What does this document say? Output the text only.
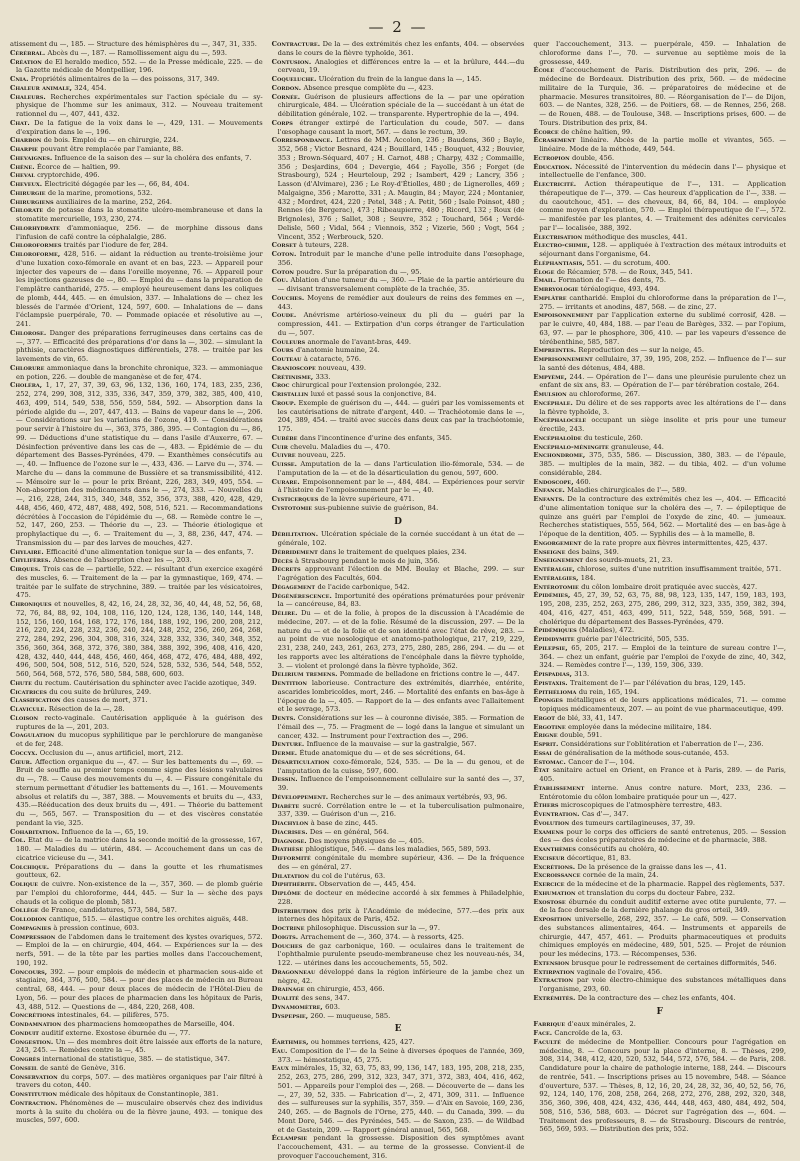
— 2 —

atissement du —, 185. — Structure des hémisphères du —, 347, 31, 335.

Cérébral. Abcès du —, 187. — Ramollissement aigu du —, 593.

Création de El heraldo medico, 552. — de la Presse médicale, 225. — de la Gazette médicale de Montpellier, 196.

Cnia. Propriétés alimentaires de la — des poissons, 317, 349.

Chaleur animale, 324, 454.

Chaleurs. Recherches expérimentales sur l'action spéciale du — sy-physique de l'homme sur les animaux, 312. — Nouveau traitement rationnel du —, 407, 441, 432.

Chat. De la fatigue de la voix dans le —, 429, 131. — Mouvements d'expiration dans le —, 196.

Charbon de bois. Emploi du — en chirurgie, 224.

Charpie pouvant être remplacée par l'amiante, 88.

Chevaignes. Influence de la saison des — sur la choléra des enfants, 7.

Chêne. Écorce de — haïtien, 99.

Cheval cryptorchide, 496.

Cheveux. Électricité dégagée par les —, 66, 84, 404.

Chirurgie de la marine, promotions, 532.

Chirurgiens auxiliaires de la marine, 252, 264.

Chlorate de potasse dans la stomatite ulcéro-membraneuse et dans la stomatite mercurielle, 193, 230, 274.

Chlorhydrate d'ammoniaque, 256. — de morphine dissous dans l'infusion de café contre la céphalalgie, 286.

Chloroformes traités par l'iodure de fer, 284.

Chloroforme, 428, 516. — aidant la réduction au trente-troisième jour d'une luxation coxo-fémorale en avant et en bas, 223. — Appareil pour injecter des vapeurs de — dans l'oreille moyenne, 76. — Appareil pour les injections gazeuses de —, 80. — Emploi du — dans la préparation de l'emplâtre cantharidé, 275. — employé heureusement dans les coliques de plomb, 444, 445. — en émulsion, 337. — Inhalations de — chez les blessés de l'armée d'Orient, 124, 597, 600. — Inhalations de — dans l'éclampsie puerpérale, 70. — Pommade opiacée et résolutive au —, 241.

Chlorose. Danger des préparations ferrugineuses dans certains cas de —, 377. — Efficacité des préparations d'or dans la —, 302. — simulant la phthisie, caractères diagnostiques différentiels, 278. — traitée par les lavements de vin, 65.

Chlorure ammoniaque dans la bronchite chronique, 323. — ammoniaque en potion, 226. — double de manganèse et de fer, 474.

Choléra, 1, 17, 27, 37, 39, 63, 96, 132, 136, 160, 174, 183, 235, 236, 252, 274, 299, 308, 312, 335, 336, 347, 359, 379, 382, 385, 400, 410, 463, 499, 514, 549, 538, 556, 559, 584, 592. — Absorption dans la période algide du —, 207, 447, 413. — Bains de vapeur dans le —, 206. — Considérations sur les variations de l'ozone, 419. — Considérations pour servir à l'histoire du —, 363, 375, 386, 395. — Contagion du —, 86, 99. — Déductions d'une statistique du — dans l'asile d'Auxerre, 67. — Désinfection préventive dans les cas de —, 483. — Épidémie de — du département des Basses-Pyrénées, 479. — Exanthèmes consécutifs au —, 40. — Influence de l'ozone sur le —, 433, 436. — Larve du —, 374. — Marche du — dans la commune de Bussière et sa transmissibilité, 412. — Mémoire sur le — pour le prix Bréant, 226, 283, 349, 495, 554. — Non-absorption des médicaments dans le —, 274, 333. — Nouvelles du —, 216, 228, 244, 315, 340, 348, 352, 356, 373, 388, 420, 428, 429, 448, 456, 460, 472, 487, 488, 492, 508, 516, 521. — Recommandations décrétées à l'occasion de l'épidémie du —, 68. — Remède contre le —, 52, 147, 260, 253. — Théorie du —, 23. — Théorie étiologique et prophylactique du —, 6. — Traitement du —, 3, 88, 236, 447, 474. — Transmission du — par des larves de mouches, 427.

Chylaire. Efficacité d'une alimentation tonique sur la — des enfants, 7.

Chylifères. Absence de l'absorption chez les —, 203.

Cirques. Trois cas de — partielle, 522. — résultant d'un exercice exagéré des muscles, 6. — Traitement de la — par la gymnastique, 169, 474. — traitée par le sulfate de strychnine, 389. — traitée par les vésicatoires, 475.

Chroniques et nouvelles, 8, 42, 16, 24, 28, 32, 36, 40, 44, 48, 52, 56, 68, 72, 76, 84, 88, 92, 104, 108, 116, 120, 124, 128, 136, 140, 144, 148, 152, 156, 160, 164, 168, 172, 176, 184, 188, 192, 196, 200, 208, 212, 216, 220, 224, 228, 232, 236, 240, 244, 248, 252, 256, 260, 264, 268, 272, 284, 292, 296, 304, 308, 316, 324, 328, 332, 336, 340, 348, 352, 356, 360, 364, 368, 372, 376, 380, 384, 388, 392, 396, 408, 416, 420, 428, 432, 440, 444, 448, 456, 460, 464, 468, 472, 476, 484, 488, 492, 496, 500, 504, 508, 512, 516, 520, 524, 528, 532, 536, 544, 548, 552, 560, 564, 568, 572, 576, 580, 584, 588, 600, 603.

Chute du rectum. Cautérisation du sphincter avec l'acide azotique, 349.

Cicatrices du cou suite de brûlures, 249.

Classification des causes de mort, 371.

Clavicule. Résection de la —, 28.

Cloison recto-vaginale. Cautérisation appliquée à la guérison des ruptures de la —, 201, 203.

Coagulation du mucopus syphilitique par le perchlorure de manganèse et de fer, 248.

Coccyx. Occlusion du —, anus artificiel, mort, 212.

Cœur. Affection organique du —, 47. — Sur les battements du —, 69. — Bruit de souffle au premier temps comme signe des lésions valvulaires du —, 78. — Cause des mouvements du —, 4. — Fissure congénitale du sternum permettant d'étudier les battements du —, 161. — Mouvements absolus et relatifs du —, 387, 388. — Mouvements et bruits du —, 433, 435.—Rééducation des deux bruits du —, 491. — Théorie du battement du —, 565, 567. — Transposition du — et des viscères constatée pendant la vie, 325.

Cohabitation. Influence de la —, 65, 19.

Col. Etat du — de la matrice dans la seconde moitié de la grossesse, 167, 180. — Maladies du — utérin, 484. — Accouchement dans un cas de cicatrice vicieuse du —, 341.

Colchique. Préparations du — dans la goutte et les rhumatismes goutteux, 62.

Colique de cuivre. Non-existence de la —, 357, 360. — de plomb guérie par l'emploi du chloroforme, 444, 445. — Sur la — sèche des pays chauds et la colique de plomb, 581.

Collège de France, candidatures, 573, 584, 587.

Collodion cantique, 515. — élastique contre les orchites aiguës, 448.

Compagnies à pression continue, 603.

Compression de l'abdomen dans le traitement des kystes ovariques, 572. — Emploi de la — en chirurgie, 404, 464. — Expériences sur la — des nerfs, 591. — de la tête par les parties molles dans l'accouchement, 190, 192.

Concours, 392. — pour emplois de médecin et pharmacien sous-aide et stagiaire, 364, 376, 500, 584. — pour des places de médecin au Bureau central, 68, 444. — pour deux places de médecin de l'Hôtel-Dieu de Lyon, 56. — pour des places de pharmacien dans les hôpitaux de Paris, 43, 488, 512. — Questions de —, 484, 220, 268, 408.

Concrétions intestinales, 64. — pilifères, 575.

Condamnation des pharmaciens homœopathes de Marseille, 404.

Conduit auditif externe. Exostose éburnée du —, 77.

Congestion. Un — des membres doit être laissée aux efforts de la nature, 243, 245. — Remèdes contre la —, 45.

Congrès international de statistique, 385. — de statistique, 347.

Conseil de santé de Genève, 316.

Conservation du corps, 507. — des matières organiques par l'air filtré à travers du coton, 440.

Constitution médicale des hôpitaux de Constantinople, 381.

Contraction. Phénomènes de — musculaire observés chez des individus morts à la suite du choléra ou de la fièvre jaune, 493. — tonique des muscles, 597, 600.

Contracture. De la — des extrémités chez les enfants, 404. — observées dans le cours de la fièvre typhoïde, 361.

Contusion. Analogies et différences entre la — et la brûlure, 444.—du cerveau, 19.

Coqueluche. Ulcération du frein de la langue dans la —, 145.

Cordon. Absence presque complète du —, 423.

Cornée. Guérison de plusieurs affections de la — par une opération chirurgicale, 484. — Ulcération spéciale de la — succédant à un état de débilitation générale, 102. — transparente. Hypertrophie de la —, 494.

Corps étranger extirpé de l'articulation du coude, 507. — dans l'œsophage causant la mort, 567. — dans le rectum, 39.

Correspondance. Lettres de MM. Accolon, 236 ; Baudens, 360 ; Bayle, 352, 568 ; Victor Besnard, 424 ; Bouillard, 145 ; Bouquet, 432 ; Bouvier, 353 ; Brown-Séquard, 407 ; H. Carnot, 488 ; Charpy, 432 ; Commaille, 356 ; Desjardins, 604 ; Devergie, 464 ; Fayolle, 356 ; Forget (de Strasbourg), 524 ; Heurteloup, 292 ; Isambert, 429 ; Lancry, 356 ; Lasson (d'Alvimare), 236 ; Le Roy-d'Étiolles, 480 ; de Lignerolles, 469 ; Malgaigne, 356 ; Marotte, 331 ; A. Maugin, 84 ; Mayor, 224 ; Montanier, 432 ; Mordret, 424, 220 ; Petel, 348 ; A. Petit, 560 ; Isale Poinsot, 480 ; Rennes (de Bergerac), 473 ; Ribeaupierre, 480 ; Ricord, 132 ; Roux (de Brignoles), 376 ; Sallet, 308 ; Seuvre, 352 ; Touchard, 564 ; Verdé-Delisle, 560 ; Vidal, 564 ; Viennois, 352 ; Vizerie, 560 ; Vogt, 564 ; Vincent, 352 ; Werbrouck, 520.

Corset à tuteurs, 228.

Coton. Introduit par le manche d'une pelle introduite dans l'œsophage, 356.

Coton poudre. Sur la préparation du —, 95.

Cou. Ablation d'une tumeur du —, 360. — Plaie de la partie antérieure du — divisant transversalement complète de la trachée, 35.

Couches. Moyens de remédier aux douleurs de reins des femmes en —, 443.

Coude. Anévrisme artérioso-veineux du pli du — guéri par la compression, 441. — Extirpation d'un corps étranger de l'articulation du —, 507.

Couleurs anormale de l'avant-bras, 449.

Cours d'anatomie humaine, 24.

Couteau à cataracte, 576.

Cranioscope nouveau, 439.

Crétinisme, 333.

Croc chirurgical pour l'extension prolongée, 232.

Cristallin luxé et passé sous la conjonctive, 84.

Croup. Exemple de guérison du —, 444. — guéri par les vomissements et les cautérisations de nitrate d'argent, 440. — Trachéotomie dans le —, 204, 389, 454. — traité avec succès dans deux cas par la trachéotomie, 175.

Cubèbe dans l'incontinence d'urine des enfants, 345.

Cuir chevelu. Maladies du —, 470.

Cuivre nouveau, 225.

Cuisse. Amputation de la — dans l'articulation ilio-fémorale, 534. — de l'amputation de la — et de la désarticulation du genou, 597, 600.

Curare. Empoisonnement par le —, 484, 484. — Expériences pour servir à l'histoire de l'empoisonnement par le —, 40.

Cysticerques de la lèvre supérieure, 471.

Cystotomie sus-pubienne suivie de guérison, 84.

D

Débilitation. Ulcération spéciale de la cornée succédant à un état de — générale, 102.

Débridement dans le traitement de quelques plaies, 234.

Décès à Strasbourg pendant le mois de juin, 356.

Décrets approuvant l'élection de MM. Boulay et Blache, 299. — sur l'agrégation des Facultés, 604.

Dégagement de l'acide carbonique, 542.

Dégénérescence. Importunité des opérations prématurées pour prévenir la — cancéreuse, 84, 83.

Délire. Du — et de la folie, à propos de la discussion à l'Académie de médecine, 207. — et de la folie. Résumé de la discussion, 297. — De la nature du — et de la folie et de son identité avec l'état de rêve, 283. — au point de vue nosologique et anatomo-pathologique, 217, 219, 229, 231, 238, 240, 243, 261, 263, 273, 275, 280, 285, 286, 294. — du — et les rapports avec les altérations de l'encéphale dans la fièvre typhoïde, 3. — violent et prolongé dans la fièvre typhoïde, 362.

Delirium tremens. Pommade de belladone en frictions contre le —, 447.

Dentition laborieuse. Contracture des extrémités, diarrhée, entérite, ascarides lombricoïdes, mort, 246. — Mortalité des enfants en bas-âge à l'époque de la —, 405. — Rapport de la — des enfants avec l'allaitement et le sevrage, 573.

Dents. Considérations sur les — à couronne divisée, 385. — Formation de l'émail des —, 75. — Fragment de — logé dans la langue et simulant un cancer, 432. — Instrument pour l'extraction des —, 296.

Denture. Influence de la mauvaise — sur la gastralgie, 567.

Derme. Étude anatomique du — et de ses sécrétions, 64.

Désarticulation coxo-fémorale, 524, 535. — De la — du genou, et de l'amputation de la cuisse, 597, 600.

Dessin. Influence de l'empoisonnement cellulaire sur la santé des —, 37, 39.

Développement. Recherches sur le — des animaux vertébrés, 93, 96.

Diabète sucré. Corrélation entre le — et la tuberculisation pulmonaire, 337, 339. — Guérison d'un —, 216.

Diachylon à base de zinc, 445.

Diacrises. Des — en général, 564.

Diagnose. Des moyens physiques de —, 405.

Diathèse phlogistique, 546. — dans les maladies, 565, 589, 593.

Difformité congénitale du membre supérieur, 436. — De la fréquence des — en général, 27.

Dilatation du col de l'utérus, 63.

Diphthérite. Observation de —, 445, 454.

Diplôme de docteur en médecine accordé à six femmes à Philadelphie, 228.

Distribution des prix à l'Académie de médecine, 577.—des prix aux internes des hôpitaux de Paris, 452.

Doctrine philosophique. Discussion sur la —, 97.

Doigts. Arrachement de —, 360, 374. — à ressorts, 425.

Douches de gaz carbonique, 160. — oculaires dans le traitement de l'ophthalmie purulente pseudo-membraneuse chez les nouveau-nés, 34, 122. — utérines dans les accouchements, 55, 502.

Dragonneau développé dans la région inférieure de la jambe chez un nègre, 42.

Drainage en chirurgie, 453, 466.

Dualité des sens, 347.

Dynamomètre, 603.

Dyspepsie, 260. — muqueuse, 585.

E

Éarthmes, ou hommes terriens, 425, 427.

Eau. Composition de l'— de la Seine à diverses époques de l'année, 369, 373. — hémostatique, 45, 275.

Eaux minérales, 15, 32, 63, 75, 83, 99, 136, 147, 183, 195, 208, 218, 235, 252, 263, 275, 286, 299, 312, 323, 347, 371, 372, 383, 404, 416, 462, 501. — Appareils pour l'emploi des —, 268. — Découverte de — dans les —, 27, 39, 52, 335. — Fabrication d'—, 2, 471, 309, 311. — Influence des — sulfureuses sur la syphilis, 357, 359. — d'Aix en Savoie, 169, 236, 240, 265. — de Bagnols de l'Orne, 275, 440. — du Canada, 399. — du Mont Dore, 546. — des Pyrénées, 545. — de Saxon, 235. — de Wildbad et de Gastein, 209. — Rapport général annuel, 565, 568.

Éclampsie pendant la grossesse. Disposition des symptômes avant l'accouchement, 431. — au terme de la grossesse. Convient-il de provoquer l'accouchement, 316.

quer l'accouchement, 313. — puerpérale, 459. — Inhalation de chloroforme dans l'—, 70. — survenue au septième mois de la grossesse, 449.

École d'accouchement de Paris. Distribution des prix, 296. — de médecine de Bordeaux. Distribution des prix, 560. — de médecine militaire de la Turquie, 36. — préparatoires de médecine et de pharmacie. Mesures transitoires, 80. — Réorganisation de l'— de Dijon, 603. — de Nantes, 328, 256. — de Poitiers, 68. — de Rennes, 256, 268. — de Rouen, 488. — de Toulouse, 348. — Inscriptions prises, 600. — de Tours. Distribution des prix, 84.

Écorce de chêne haïtien, 99.

Écrasement linéaire. Abcès de la partie molle et vivantes, 565. — linéaire. Mode de la méthode, 449, 544.

Ectropion double, 456.

Éducation. Nécessité de l'intervention du médecin dans l'— physique et intellectuelle de l'enfance, 300.

Électricité. Action thérapeutique de l'—, 131. — Application thérapeutique de l'—, 379. — Cas heureux d'application de l'—, 338. — du caoutchouc, 451. — des cheveux, 84, 66, 84, 104. — employée comme moyen d'exploration, 570. — Emploi thérapeutique de l'—, 572. — manifestée par les plantes, 4. — Traitement des adénites cervicales par l'— localisée, 388, 392.

Électrisation méthodique des muscles, 441.

Électro-chimie, 128. — appliquée à l'extraction des métaux introduits et séjournant dans l'organisme, 64.

Éléphantiasis, 551. — du scrotum, 400.

Éloge de Récamier, 578. — de Roux, 345, 541.

Émail. Formation de l'— des dents, 75.

Embryologie téréalogique, 493, 494.

Emplâtre cantharidé. Emploi du chloroforme dans la préparation de l'—, 275. — irritants et anodins, 487, 568. — de zinc, 27.

Empoisonnement par l'application externe du sublimé corrosif, 428. — par le cuivre, 40, 484, 188. — par l'eau de Barèges, 332. — par l'opium, 63, 97. — par le phosphore, 306, 410. — par les vapeurs d'essence de térébenthine, 585, 587.

Empreintes. Reproduction des — sur la neige, 45.

Emprisonnement cellulaire, 37, 39, 195, 208, 252. — Influence de l'— sur la santé des détenus, 484, 488.

Empyème, 244. — Opération de l'— dans une pleurésie purulente chez un enfant de six ans, 83. — Opération de l'— par térébration costale, 264.

Émulsion au chloroforme, 267.

Encéphale. Du délire et de ses rapports avec les altérations de l'— dans la fièvre typhoïde, 3.

Encéphalocèle occupant un siège insolite et pris pour une tumeur érectile, 243.

Encéphaloïde du testicule, 260.

Encéphalo-méningite granuleuse, 44.

Enchondrome, 375, 535, 586. — Discussion, 380, 383. — de l'épaule, 385. — multiples de la main, 382. — du tibia, 402. — d'un volume considérable, 284.

Endoscope, 460.

Enfance. Maladies chirurgicales de l'—, 589.

Enfants. De la contracture des extrémités chez les —, 404. — Efficacité d'une alimentation tonique sur la choléra des —, 7. — épileptique de quinze ans guéri par l'emploi de l'oxyde de zinc, 40. — jumeaux. Recherches statistiques, 555, 564, 562. — Mortalité des — en bas-âge à l'époque de la dentition, 405. — Syphilis des — à la mamelle, 8.

Engorgement de la rate propre aux fièvres intermittentes, 425, 437.

Enseigne des bains, 349.

Enseignement des sourds-muets, 21, 23.

Entéralgie, chlorose, suites d'une nutrition insuffisamment traitée, 571.

Entéralgies, 184.

Entérotomie du côlon lombaire droit pratiquée avec succès, 427.

Épidémies, 45, 27, 39, 52, 63, 75, 88, 98, 123, 135, 147, 159, 183, 193, 195, 208, 235, 252, 263, 275, 286, 299, 312, 323, 335, 359, 382, 394, 404, 416, 427, 451, 463, 499, 511, 522, 548, 559, 568, 591. — cholérique du département des Basses-Pyrénées, 479.

Épidémiques (Maladies), 472.

Épididymite guérie par l'électricité, 505, 535.

Épilepsie, 65, 205, 217. — Emploi de la teinture de sureau contre l'—, 364. — chez un enfant, guérie par l'emploi de l'oxyde de zinc, 40, 342, 324. — Remèdes contre l'—, 139, 159, 306, 339.

Épispadias, 313.

Épistaxis. Traitement de l'— par l'élévation du bras, 129, 145.

Épithélioma du rein, 165, 194.

Éponges métalliques et de leurs applications médicales, 71. — comme topiques médicamenteux, 207. — au point de vue pharmaceutique, 499.

Ergot de blé, 33, 41, 147.

Ergotine employée dans la médecine militaire, 184.

Érigne double, 591.

Esprit. Considérations sur l'oblitération et l'aberration de l'—, 236.

Essai de généralisation de la méthode sous-cutanée, 453.

Estomac. Cancer de l'—, 104.

État sanitaire actuel en Orient, en France et à Paris, 289. — de Paris, 405.

Établissement interne. Anus contre nature. Mort, 233, 236. — Entérotomie du côlon lombaire pratiquée pour un —, 427.

Éthers microscopiques de l'atmosphère terrestre, 483.

Éventration. Cas d'—, 347.

Évolution des tumeurs cartilagineuses, 37, 39.

Examens pour le corps des officiers de santé entretenus, 205. — Session des — des écoles préparatoires de médecine et de pharmacie, 388.

Exanthèmes consécutifs au choléra, 40.

Exciseur décortique, 81, 83.

Excrétions. De la présence de la graisse dans les —, 41.

Excroissance cornée de la main, 24.

Exercice de la médecine et de la pharmacie. Rappel des règlements, 537.

Exhumation et translation du corps du docteur Fabre, 232.

Exostose éburnée du conduit auditif externe avec otite purulente, 77. — de la face dorsale de la dernière phalange du gros orteil, 349.

Exposition universelle, 268, 292, 357. — Le café, 509. — Conservation des substances alimentaires, 464. — Instruments et appareils de chirurgie, 447, 457, 461. — Produits pharmaceutiques et produits chimiques employés en médecine, 489, 501, 525. — Projet de réunion pour les médecins, 173. — Récompenses, 536.

Extension brusque pour le redressement de certaines difformités, 546.

Extirpation vaginale de l'ovaire, 456.

Extraction par voie électro-chimique des substances métalliques dans l'organisme, 293, 60.

Extrémités. De la contracture des — chez les enfants, 404.

F

Fabrique d'eaux minérales, 2.

Face. Cancroïde de la, 63.

Faculté de médecine de Montpellier. Concours pour l'agrégation en médecine, 8. — Concours pour la place d'interne, 8. — Thèses, 299, 308, 314, 348, 412, 420, 520, 532, 544, 572, 576, 584. — de Paris, 208. Candidature pour la chaire de pathologie interne, 188, 244. — Discours de rentrée, 541. — Inscriptions prises au 15 novembre, 548. — Séance d'ouverture, 537. — Thèses, 8, 12, 16, 20, 24, 28, 32, 36, 40, 52, 56, 76, 92, 124, 140, 176, 208, 258, 264, 268, 272, 276, 288, 292, 320, 348, 356, 360, 396, 408, 424, 432, 436, 444, 448, 463, 480, 484, 492, 504, 508, 516, 536, 588, 603. — Décret sur l'agrégation des —, 604. — Traitement des professeurs, 8. — de Strasbourg. Discours de rentrée, 565, 569, 593. — Distribution des prix, 552.
